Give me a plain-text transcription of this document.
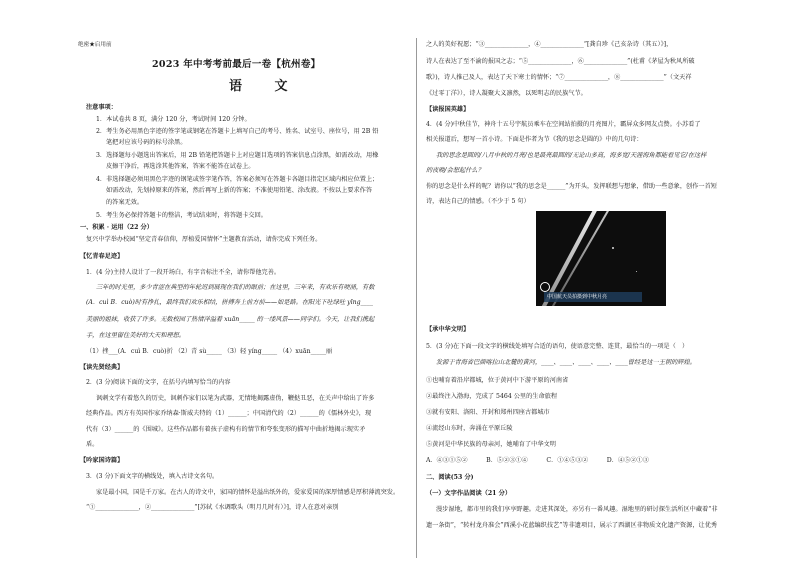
绝密★启用前
2023 年中考考前最后一卷【杭州卷】
语 文
注意事项：
1．本试卷共 8 页，满分 120 分，考试时间 120 分钟。
2．考生务必用黑色字迹的签字笔或钢笔在答题卡上填写自己的考号、姓名、试室号、座位号，用 2B 铅
笔把对应该号码的标号涂黑。
3．选择题每小题选出答案后，用 2B 铅笔把答题卡上对应题目选项的答案信息点涂黑，如需改动，用橡
皮擦干净后，再选涂其他答案，答案不能答在试卷上。
4．非选择题必须用黑色字迹的钢笔或签字笔作答，答案必须写在答题卡各题目指定区域内相应位置上；
如需改动，先划掉原来的答案，然后再写上新的答案；不准使用铅笔、涂改液。不按以上要求作答
的答案无效。
5．考生务必保持答题卡的整洁，考试结束时，将答题卡交回。
一、积累 · 运用（22 分）
复兴中学举办校园“坚定青春信仰，厚植爱国情怀”主题教育活动，请你完成下列任务。
【忆青春足迹】
1．(4 分)主持人设计了一段开场白，有字音标注不全，请你帮他完善。
三年的时光里，多少青涩在典型的年轮迟到展现在我们的眼前；在这里，三年来，有欢乐有哽涌，有数
(A．cuì B．cuò)时有挣扎，最终我们欢乐相结，拼搏奔上前方前——如是路。在阳光下吐绿吐 yīng____
美丽的姐妹，收获了许多。无数校园了热情洋溢着 xuān_____ 的一缕风景——同学们。今天，让我们携起
手，在这里留住美好的大天和理想。
（1）挫___(A．cuì B．cuò)折 （2）青 sù_____ （3）轻 yíng_____ （4）xuān_____丽
【读先贤经典】
2．(3 分)阅读下面的文字，在括号内填写恰当的内容
讽刺文学有着悠久的历史，讽刺作家们以笔为武器，无情地揭露虚伪，鞭挞丑恶，在关声中给出了许多
经典作品。西方有英国作家乔纳森·斯威夫特的（1）______；中国清代的（2）______的《儒林外史》，现
代有（3）______的《围城》。这些作品都有着孩子虚构有的情节和夸张变形的描写中曲折地揭示现实矛
盾。
【吟家国诗篇】
3．(3 分)下面文字的横线处，填入古诗文名句。
家是最小国，国是千万家。在古人的诗文中，家国的情怀是溢出纸外的，爱家爱国的深厚情感是厚积薄流突发。
“①______________，②______________”[苏轼《水调歌头（明月几时有）》]，诗人在意对亲别
之人的美好祝愿；“③______________，④______________”[龚自珍《己亥杂诗（其五）》]，
诗人在表达了至不渝的报国之志；“⑤______________，⑥______________”(杜甫《茅屋为秋风所破
歌》)，诗人推己及人，表达了天下寒士的情怀；“⑦______________，⑧______________”（文天祥
《过零丁洋》），诗人凝聚大义凛然，以死明志的民族气节。
【读报国英雄】
4．(4 分)中秋佳节，神舟十五号宇航员乘车在空间站拍摄的月亮图片，霸屏众多网友点赞。小苏看了
相关报道后，想写一首小诗。下面是作者为节《我的思念是圆的》中的几句诗：
我的思念是圆的/八月中秋的月亮/也是最亮最圆的/无论山多高，海多宽/天涯海角都能看见它/在这样
的夜晚/会想起什么？
你的思念是什么样的呢？请你以“我的思念是______”为开头，发挥联想与想象，借助一些意象，创作一首短
诗，表达自己的情感。（不少于 5 句）
中国航天员拍摄到中秋月亮
【承中华文明】
5．(3 分)在下面一段文字的横线处填写合适的语句，使语意完整、连贯，最恰当的一项是（　）
发源于青海省巴颜喀拉山北麓的黄河，____、____、____、____、____曾经是这一王朝的辉煌。
①也哺育着沿岸都城，位于黄河中下游平原的河南省
②最终注入渤海，完成了 5464 公里的生命旅程
③就有安阳、洛阳、开封和郑州四座古都城市
④流经山东时，奔涌在平原丘陵
⑤黄河是中华民族的母亲河，她哺育了中华文明
A．④③①⑤②　　　B．⑤②③①④　　　C．①④⑤③②　　　D．④⑤②①③
二、阅读(53 分)
（一）文字作品阅读（21 分）
漫步湿地，都市里的我们享享野趣。走进其深处，亦另有一番风趣。湿地里的研讨探生活所区中藏着“非
遗一条街”，“转村龙舟准会”西溪小花蓝编织技艺”等非遗项目，展示了西湖区非物质文化遗产资源，让优秀
